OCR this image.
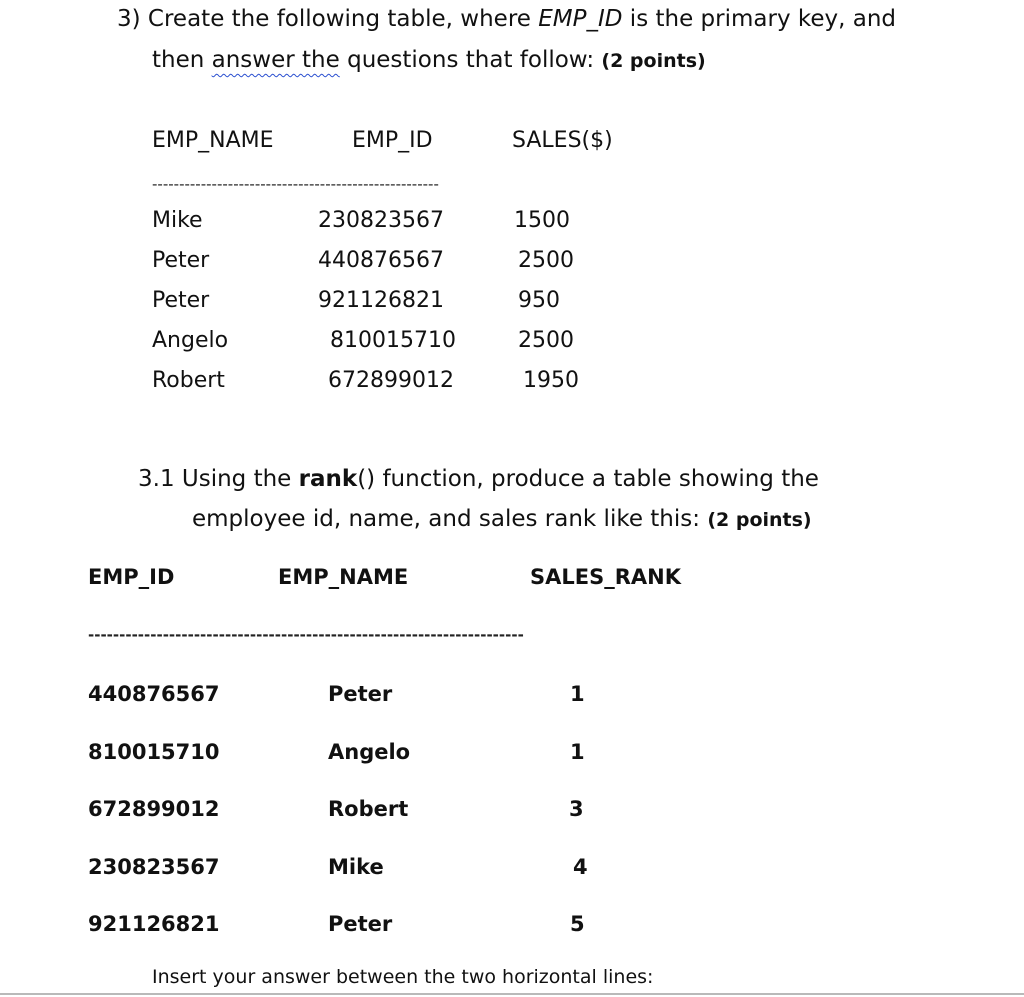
3) Create the following table, where EMP_ID is the primary key, and
then answer the questions that follow: (2 points)
EMP_NAME	EMP_ID	SALES($)
-----------------------------------------------------
Mike	230823567	1500
Peter	440876567	2500
Peter	921126821	950
Angelo	810015710	2500
Robert	672899012	1950
3.1 Using the rank() function, produce a table showing the
employee id, name, and sales rank like this: (2 points)
EMP_ID	EMP_NAME	SALES_RANK
----------------------------------------------------------------------
440876567	Peter	1
810015710	Angelo	1
672899012	Robert	3
230823567	Mike	4
921126821	Peter	5
Insert your answer between the two horizontal lines:
